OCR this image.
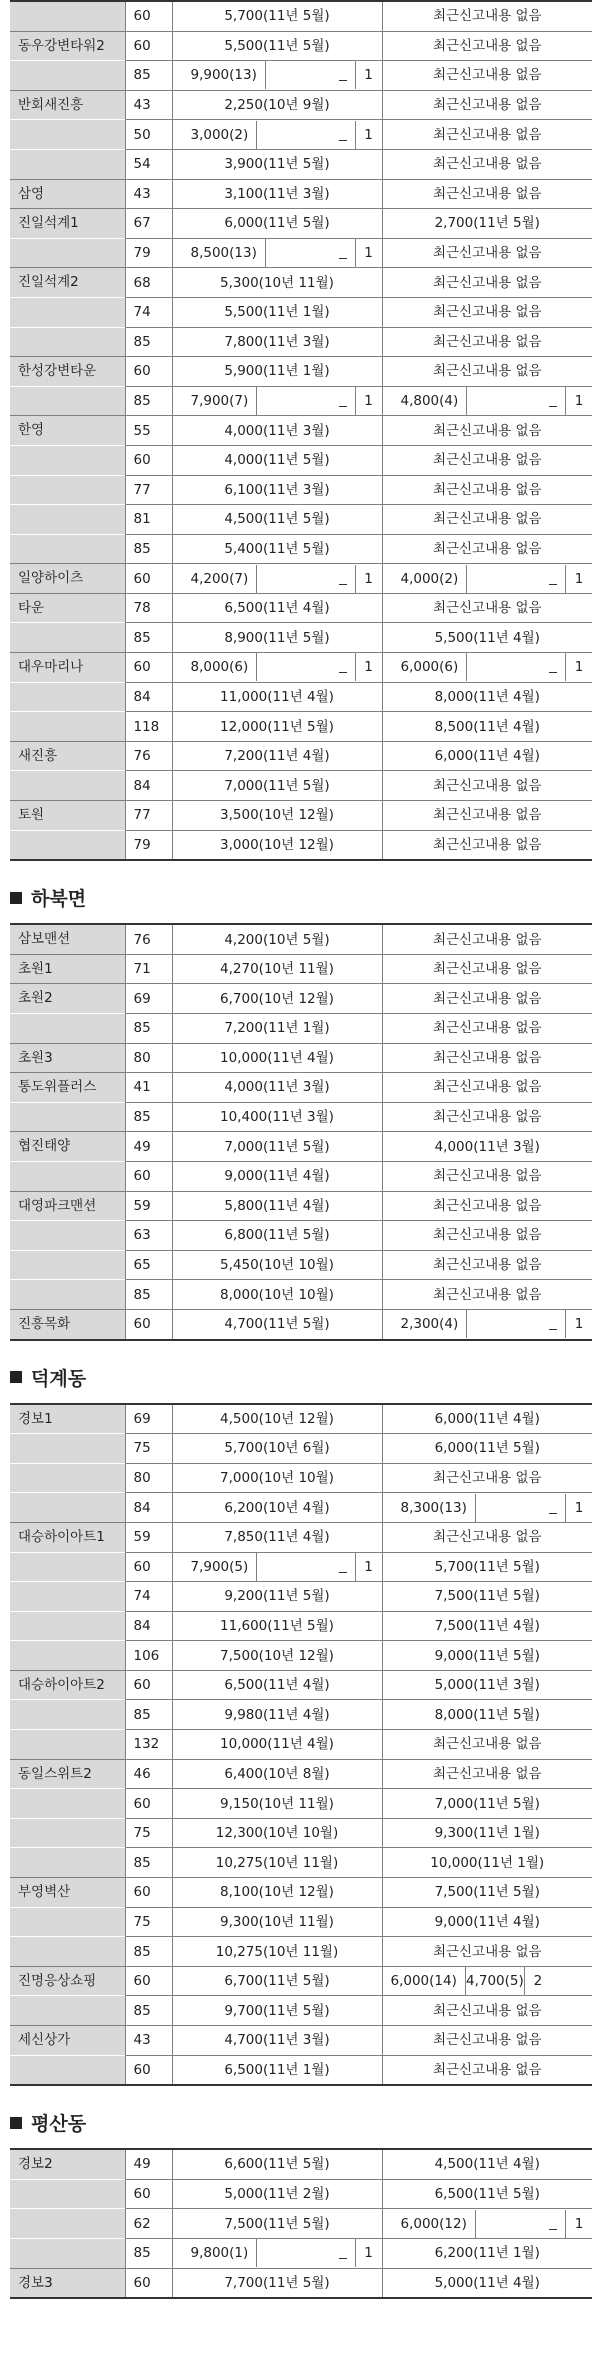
	60	5,700(11년 5월)	최근신고내용 없음
동우강변타워2	60	5,500(11년 5월)	최근신고내용 없음
	85	9,900(13) 1	최근신고내용 없음
반회새진흥	43	2,250(10년 9월)	최근신고내용 없음
	50	3,000(2) 1	최근신고내용 없음
	54	3,900(11년 5월)	최근신고내용 없음
삼영	43	3,100(11년 3월)	최근신고내용 없음
진일석계1	67	6,000(11년 5월)	2,700(11년 5월)
	79	8,500(13) 1	최근신고내용 없음
진일석계2	68	5,300(10년 11월)	최근신고내용 없음
	74	5,500(11년 1월)	최근신고내용 없음
	85	7,800(11년 3월)	최근신고내용 없음
한성강변타운	60	5,900(11년 1월)	최근신고내용 없음
	85	7,900(7) 1	4,800(4) 1

한영	55	4,000(11년 3월)	최근신고내용 없음
	60	4,000(11년 5월)	최근신고내용 없음
	77	6,100(11년 3월)	최근신고내용 없음
	81	4,500(11년 5월)	최근신고내용 없음
	85	5,400(11년 5월)	최근신고내용 없음
일양하이츠	60	4,200(7) 1	4,000(2) 1

타운	78	6,500(11년 4월)	최근신고내용 없음
	85	8,900(11년 5월)	5,500(11년 4월)
대우마리나	60	8,000(6) 1	6,000(6) 1

	84	11,000(11년 4월)	8,000(11년 4월)
	118	12,000(11년 5월)	8,500(11년 4월)
새진흥	76	7,200(11년 4월)	6,000(11년 4월)
	84	7,000(11년 5월)	최근신고내용 없음
토원	77	3,500(10년 12월)	최근신고내용 없음
	79	3,000(10년 12월)	최근신고내용 없음
하북면
삼보맨션	76	4,200(10년 5월)	최근신고내용 없음
초원1	71	4,270(10년 11월)	최근신고내용 없음
초원2	69	6,700(10년 12월)	최근신고내용 없음
	85	7,200(11년 1월)	최근신고내용 없음
초원3	80	10,000(11년 4월)	최근신고내용 없음
통도위플러스	41	4,000(11년 3월)	최근신고내용 없음
	85	10,400(11년 3월)	최근신고내용 없음
협진태양	49	7,000(11년 5월)	4,000(11년 3월)
	60	9,000(11년 4월)	최근신고내용 없음
대영파크맨션	59	5,800(11년 4월)	최근신고내용 없음
	63	6,800(11년 5월)	최근신고내용 없음
	65	5,450(10년 10월)	최근신고내용 없음
	85	8,000(10년 10월)	최근신고내용 없음
진흥목화	60	4,700(11년 5월)	2,300(4) 1
덕계동
경보1	69	4,500(10년 12월)	6,000(11년 4월)
	75	5,700(10년 6월)	6,000(11년 5월)
	80	7,000(10년 10월)	최근신고내용 없음
	84	6,200(10년 4월)	8,300(13) 1

대승하이아트1	59	7,850(11년 4월)	최근신고내용 없음
	60	7,900(5) 1	5,700(11년 5월)
	74	9,200(11년 5월)	7,500(11년 5월)
	84	11,600(11년 5월)	7,500(11년 4월)
	106	7,500(10년 12월)	9,000(11년 5월)
대승하이아트2	60	6,500(11년 4월)	5,000(11년 3월)
	85	9,980(11년 4월)	8,000(11년 5월)
	132	10,000(11년 4월)	최근신고내용 없음
동일스위트2	46	6,400(10년 8월)	최근신고내용 없음
	60	9,150(10년 11월)	7,000(11년 5월)
	75	12,300(10년 10월)	9,300(11년 1월)
	85	10,275(10년 11월)	10,000(11년 1월)
부영벽산	60	8,100(10년 12월)	7,500(11년 5월)
	75	9,300(10년 11월)	9,000(11년 4월)
	85	10,275(10년 11월)	최근신고내용 없음
진명응상쇼핑	60	6,700(11년 5월)	6,000(14) 4,700(5) 2

	85	9,700(11년 5월)	최근신고내용 없음
세신상가	43	4,700(11년 3월)	최근신고내용 없음
	60	6,500(11년 1월)	최근신고내용 없음
평산동
경보2	49	6,600(11년 5월)	4,500(11년 4월)
	60	5,000(11년 2월)	6,500(11년 5월)
	62	7,500(11년 5월)	6,000(12) 1

	85	9,800(1) 1	6,200(11년 1월)
경보3	60	7,700(11년 5월)	5,000(11년 4월)
